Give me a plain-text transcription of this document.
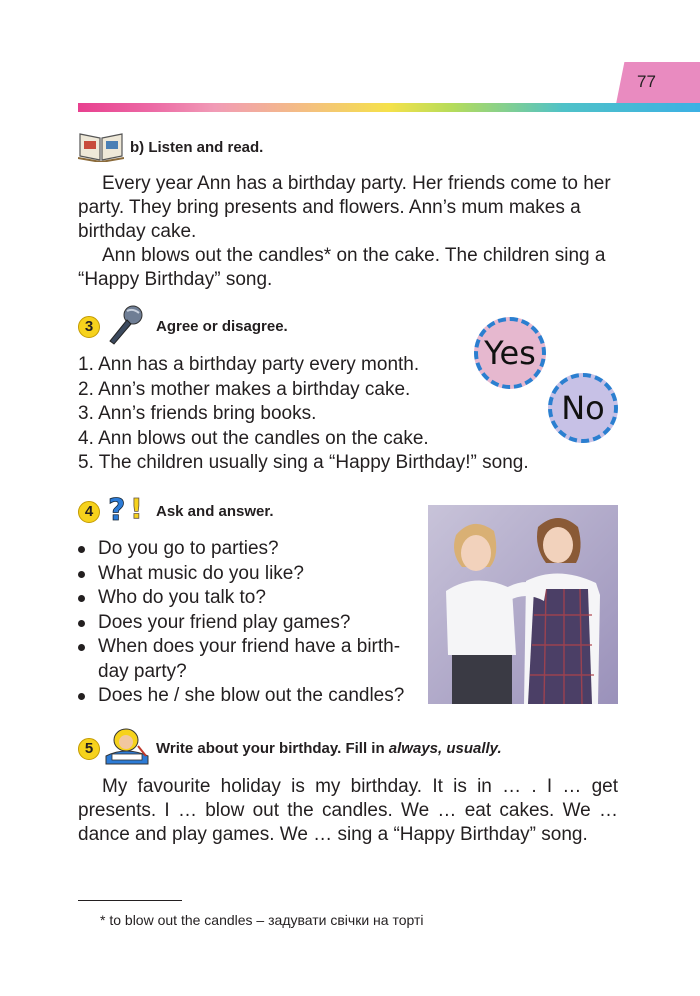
77
b) Listen and read.
Every year Ann has a birthday party. Her friends come to her party. They bring presents and flowers. Ann’s mum makes a birthday cake.
Ann blows out the candles* on the cake. The children sing a “Happy Birthday” song.
3	Agree or disagree.
1. Ann has a birthday party every month.
2. Ann’s mother makes a birthday cake.
3. Ann’s friends bring books.
4. Ann blows out the candles on the cake.
5. The children usually sing a “Happy Birthday!” song.
Yes
No
4 ? ! Ask and answer.
Do you go to parties?
What music do you like?
Who do you talk to?
Does your friend play games?
When does your friend have a birth-day party?
Does he / she blow out the candles?
5	Write about your birthday. Fill in always, usually.
My favourite holiday is my birthday. It is in … . I … get presents. I … blow out the candles. We … eat cakes. We … dance and play games. We … sing a “Happy Birthday” song.
* to blow out the candles – задувати свічки на торті
